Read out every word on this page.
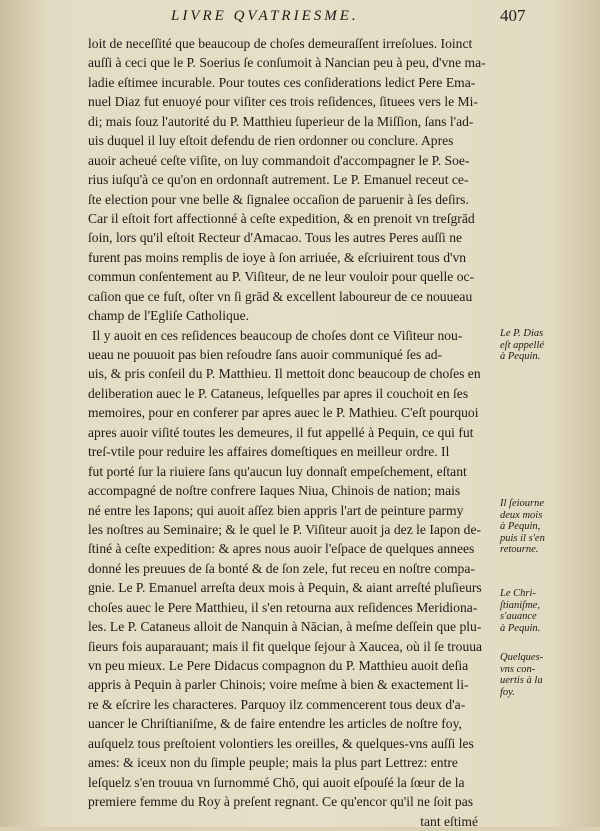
LIVRE QVATRIESME.	407
loit de neceſſité que beaucoup de choſes demeuraſſent irreſolues. Ioinct
auſſi à ceci que le P. Soerius ſe conſumoit à Nancian peu à peu, d'vne ma-
ladie eſtimee incurable. Pour toutes ces conſiderations ledict Pere Ema-
nuel Diaz fut enuoyé pour viſiter ces trois reſidences, ſituees vers le Mi-
di; mais ſouz l'autorité du P. Matthieu ſuperieur de la Miſſion, ſans l'ad-
uis duquel il luy eſtoit defendu de rien ordonner ou conclure. Apres
auoir acheué ceſte viſite, on luy commandoit d'accompagner le P. Soe-
rius iuſqu'à ce qu'on en ordonnaſt autrement. Le P. Emanuel receut ce-
ſte election pour vne belle & ſignalee occaſion de paruenir à ſes deſirs.
Car il eſtoit fort affectionné à ceſte expedition, & en prenoit vn treſgrād
ſoin, lors qu'il eſtoit Recteur d'Amacao. Tous les autres Peres auſſi ne
furent pas moins remplis de ioye à ſon arriuée, & eſcriuirent tous d'vn
commun conſentement au P. Viſiteur, de ne leur vouloir pour quelle oc-
caſion que ce fuſt, oſter vn ſi grād & excellent laboureur de ce nouueau
champ de l'Egliſe Catholique.
Il y auoit en ces reſidences beaucoup de choſes dont ce Viſiteur nou-
ueau ne pouuoit pas bien reſoudre ſans auoir communiqué ſes ad-
uis, & pris conſeil du P. Matthieu. Il mettoit donc beaucoup de choſes en
deliberation auec le P. Cataneus, leſquelles par apres il couchoit en ſes
memoires, pour en conferer par apres auec le P. Mathieu. C'eſt pourquoi
apres auoir viſité toutes les demeures, il fut appellé à Pequin, ce qui fut
treſ-vtile pour reduire les affaires domeſtiques en meilleur ordre. Il
fut porté ſur la riuiere ſans qu'aucun luy donnaſt empeſchement, eſtant
accompagné de noſtre confrere Iaques Niua, Chinois de nation; mais
né entre les Iapons; qui auoit aſſez bien appris l'art de peinture parmy
les noſtres au Seminaire; & le quel le P. Viſiteur auoit ja dez le Iapon de-
ſtiné à ceſte expedition: & apres nous auoir l'eſpace de quelques annees
donné les preuues de ſa bonté & de ſon zele, fut receu en noſtre compa-
gnie. Le P. Emanuel arreſta deux mois à Pequin, & aiant arreſté pluſieurs
choſes auec le Pere Matthieu, il s'en retourna aux reſidences Meridiona-
les. Le P. Cataneus alloit de Nanquin à Nācian, à meſme deſſein que plu-
ſieurs fois auparauant; mais il fit quelque ſejour à Xaucea, où il ſe trouua
vn peu mieux. Le Pere Didacus compagnon du P. Matthieu auoit deſia
appris à Pequin à parler Chinois; voire meſme à bien & exactement li-
re & eſcrire les characteres. Parquoy ilz commencerent tous deux d'a-
uancer le Chriſtianiſme, & de faire entendre les articles de noſtre foy,
auſquelz tous preſtoient volontiers les oreilles, & quelques-vns auſſi les
ames: & iceux non du ſimple peuple; mais la plus part Lettrez: entre
leſquelz s'en trouua vn ſurnommé Chō, qui auoit eſpouſé la ſœur de la
premiere femme du Roy à preſent regnant. Ce qu'encor qu'il ne ſoit pas
tant eſtimé
Le P. Dias
eſt appellé
à Pequin.
Il ſeiourne
deux mois
à Pequin,
puis il s'en
retourne.
Le Chri-
ſtianiſme,
s'auance
à Pequin.
Quelques-
vns con-
uertis à la
foy.
